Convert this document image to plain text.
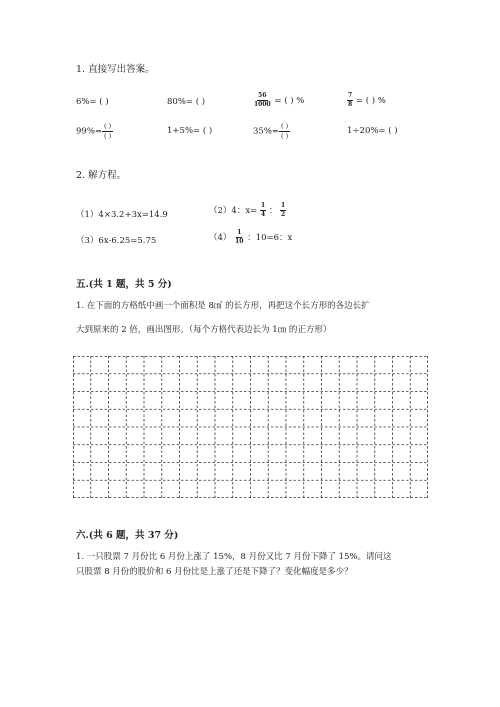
1. 直接写出答案。
6%= ( )	80%= ( )	$\frac{56}{1000}$ = ( ) %	$\frac{7}{8}$ = ( ) %
$99\%= \frac{( )}{( )}$	1+5%= ( )	$35\%= \frac{( )}{( )}$	1÷20%= ( )
2. 解方程。
（1）4×3.2+3x=14.9	（2）4：$x= \frac{1}{4}$ ： $\frac{1}{2}$
（3）6x-6.25=5.75	$(4) \frac{1}{10}$ ：10=6：x
五.(共 1 题，共 5 分)
1. 在下面的方格纸中画一个面积是 8㎠ 的长方形，再把这个长方形的各边长扩
大到原来的 2 倍，画出图形。（每个方格代表边长为 1㎝ 的正方形）
六.(共 6 题，共 37 分)
1. 一只股票 7 月份比 6 月份上涨了 15%，8 月份又比 7 月份下降了 15%。请问这
只股票 8 月份的股价和 6 月份比是上涨了还是下降了？变化幅度是多少？
